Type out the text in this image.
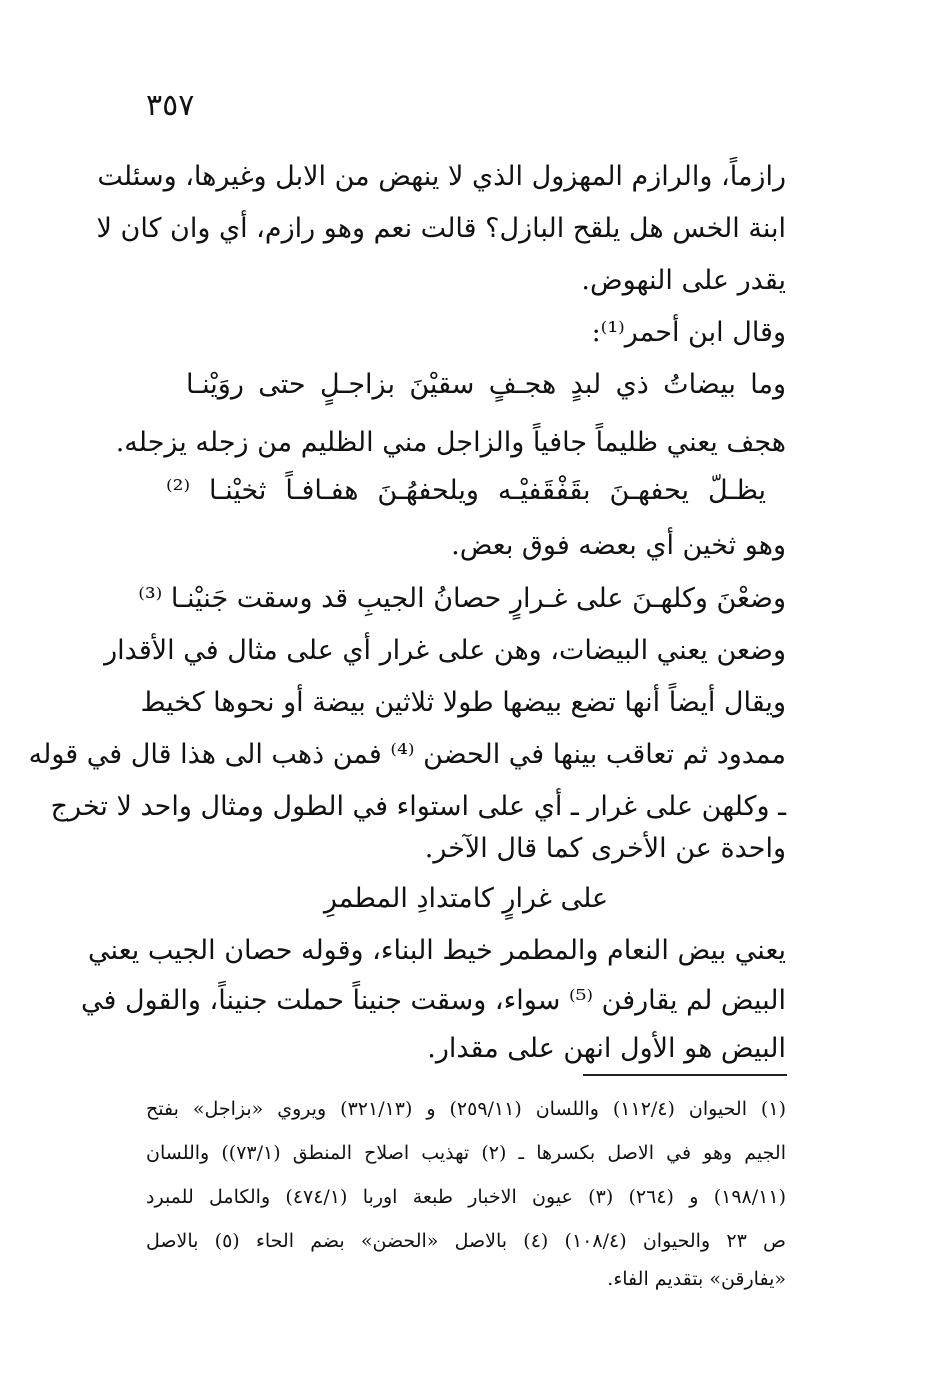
٣٥٧
رازماً، والرازم المهزول الذي لا ينهض من الابل وغيرها، وسئلت
ابنة الخس هل يلقح البازل؟ قالت نعم وهو رازم، أي وان كان لا
يقدر على النهوض.
وقال ابن أحمر⁽¹⁾:
وما بيضاتُ ذي لبدٍ هجـفٍ سقيْنَ بزاجـلٍ حتى روَيْنـا
هجف يعني ظليماً جافياً والزاجل مني الظليم من زجله يزجله.
يظـلّ يحفهـنَ بقَفْقَفيْـه ويلحفهُـنَ هفـافـاً ثخيْنـا ⁽²⁾
وهو ثخين أي بعضه فوق بعض.
وضعْنَ وكلهـنَ على غـرارٍ حصانُ الجيبِ قد وسقت جَنيْنـا ⁽³⁾
وضعن يعني البيضات، وهن على غرار أي على مثال في الأقدار
ويقال أيضاً أنها تضع بيضها طولا ثلاثين بيضة أو نحوها كخيط
ممدود ثم تعاقب بينها في الحضن ⁽⁴⁾ فمن ذهب الى هذا قال في قوله
ـ وكلهن على غرار ـ أي على استواء في الطول ومثال واحد لا تخرج
واحدة عن الأخرى كما قال الآخر.
على غرارٍ كامتدادِ المطمرِ
يعني بيض النعام والمطمر خيط البناء، وقوله حصان الجيب يعني
البيض لم يقارفن ⁽⁵⁾ سواء، وسقت جنيناً حملت جنيناً، والقول في
البيض هو الأول انهن على مقدار.
(١) الحيوان (١١٢/٤) واللسان (٢٥٩/١١) و (٣٢١/١٣) ويروي «بزاجل» بفتح
الجيم وهو في الاصل بكسرها ـ (٢) تهذيب اصلاح المنطق (٧٣/١)) واللسان
(١٩٨/١١) و (٢٦٤) (٣) عيون الاخبار طبعة اوربا (٤٧٤/١) والكامل للمبرد
ص ٢٣ والحيوان (١٠٨/٤) (٤) بالاصل «الحضن» بضم الحاء (٥) بالاصل
«يفارقن» بتقديم الفاء.
